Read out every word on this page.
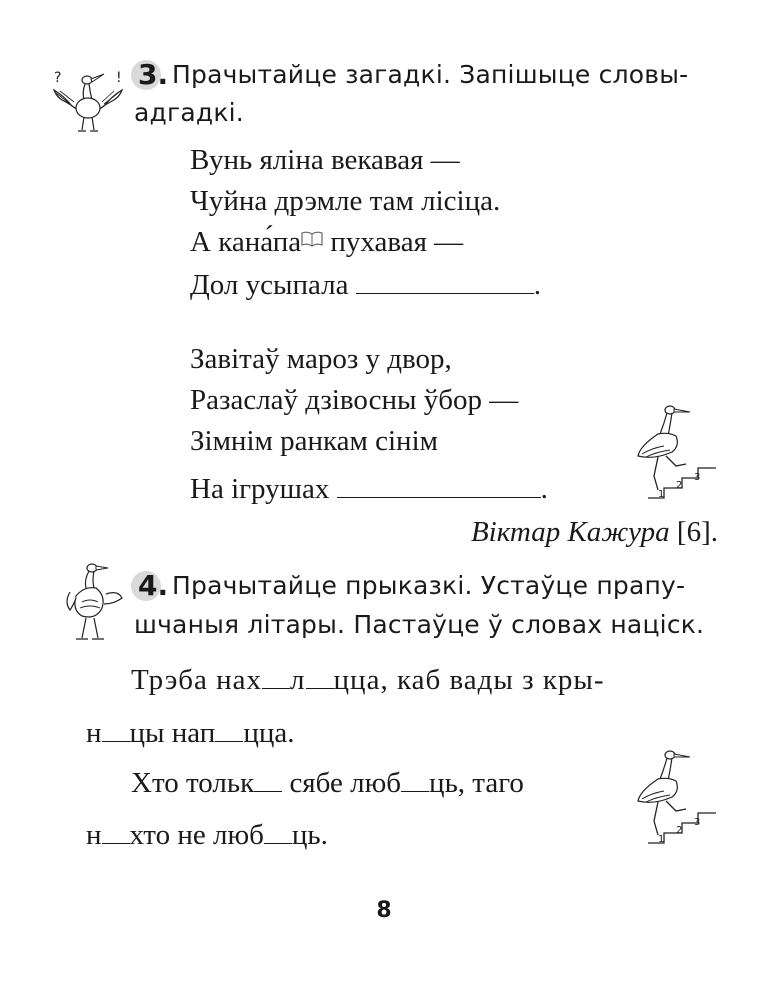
?	! 3. Прачытайце загадкі. Запішыце словы-
адгадкі.
Вунь яліна векавая —
Чуйна дрэмле там лісіца.
А кана́па пухавая —
Дол усыпала	.
Завітаў мароз у двор,
Разаслаў дзівосны ўбор —
Зімнім ранкам сінім
На ігрушах	.	1
2
3
Віктар Кажура [6].
4. Прачытайце прыказкі. Устаўце прапу-
шчаныя літары. Пастаўце ў словах націск.
Трэба нах л цца, каб вады з кры-
н цы нап цца.
Хто тольк сябе люб ць, таго
н хто не люб ць.	1
2
3
8
